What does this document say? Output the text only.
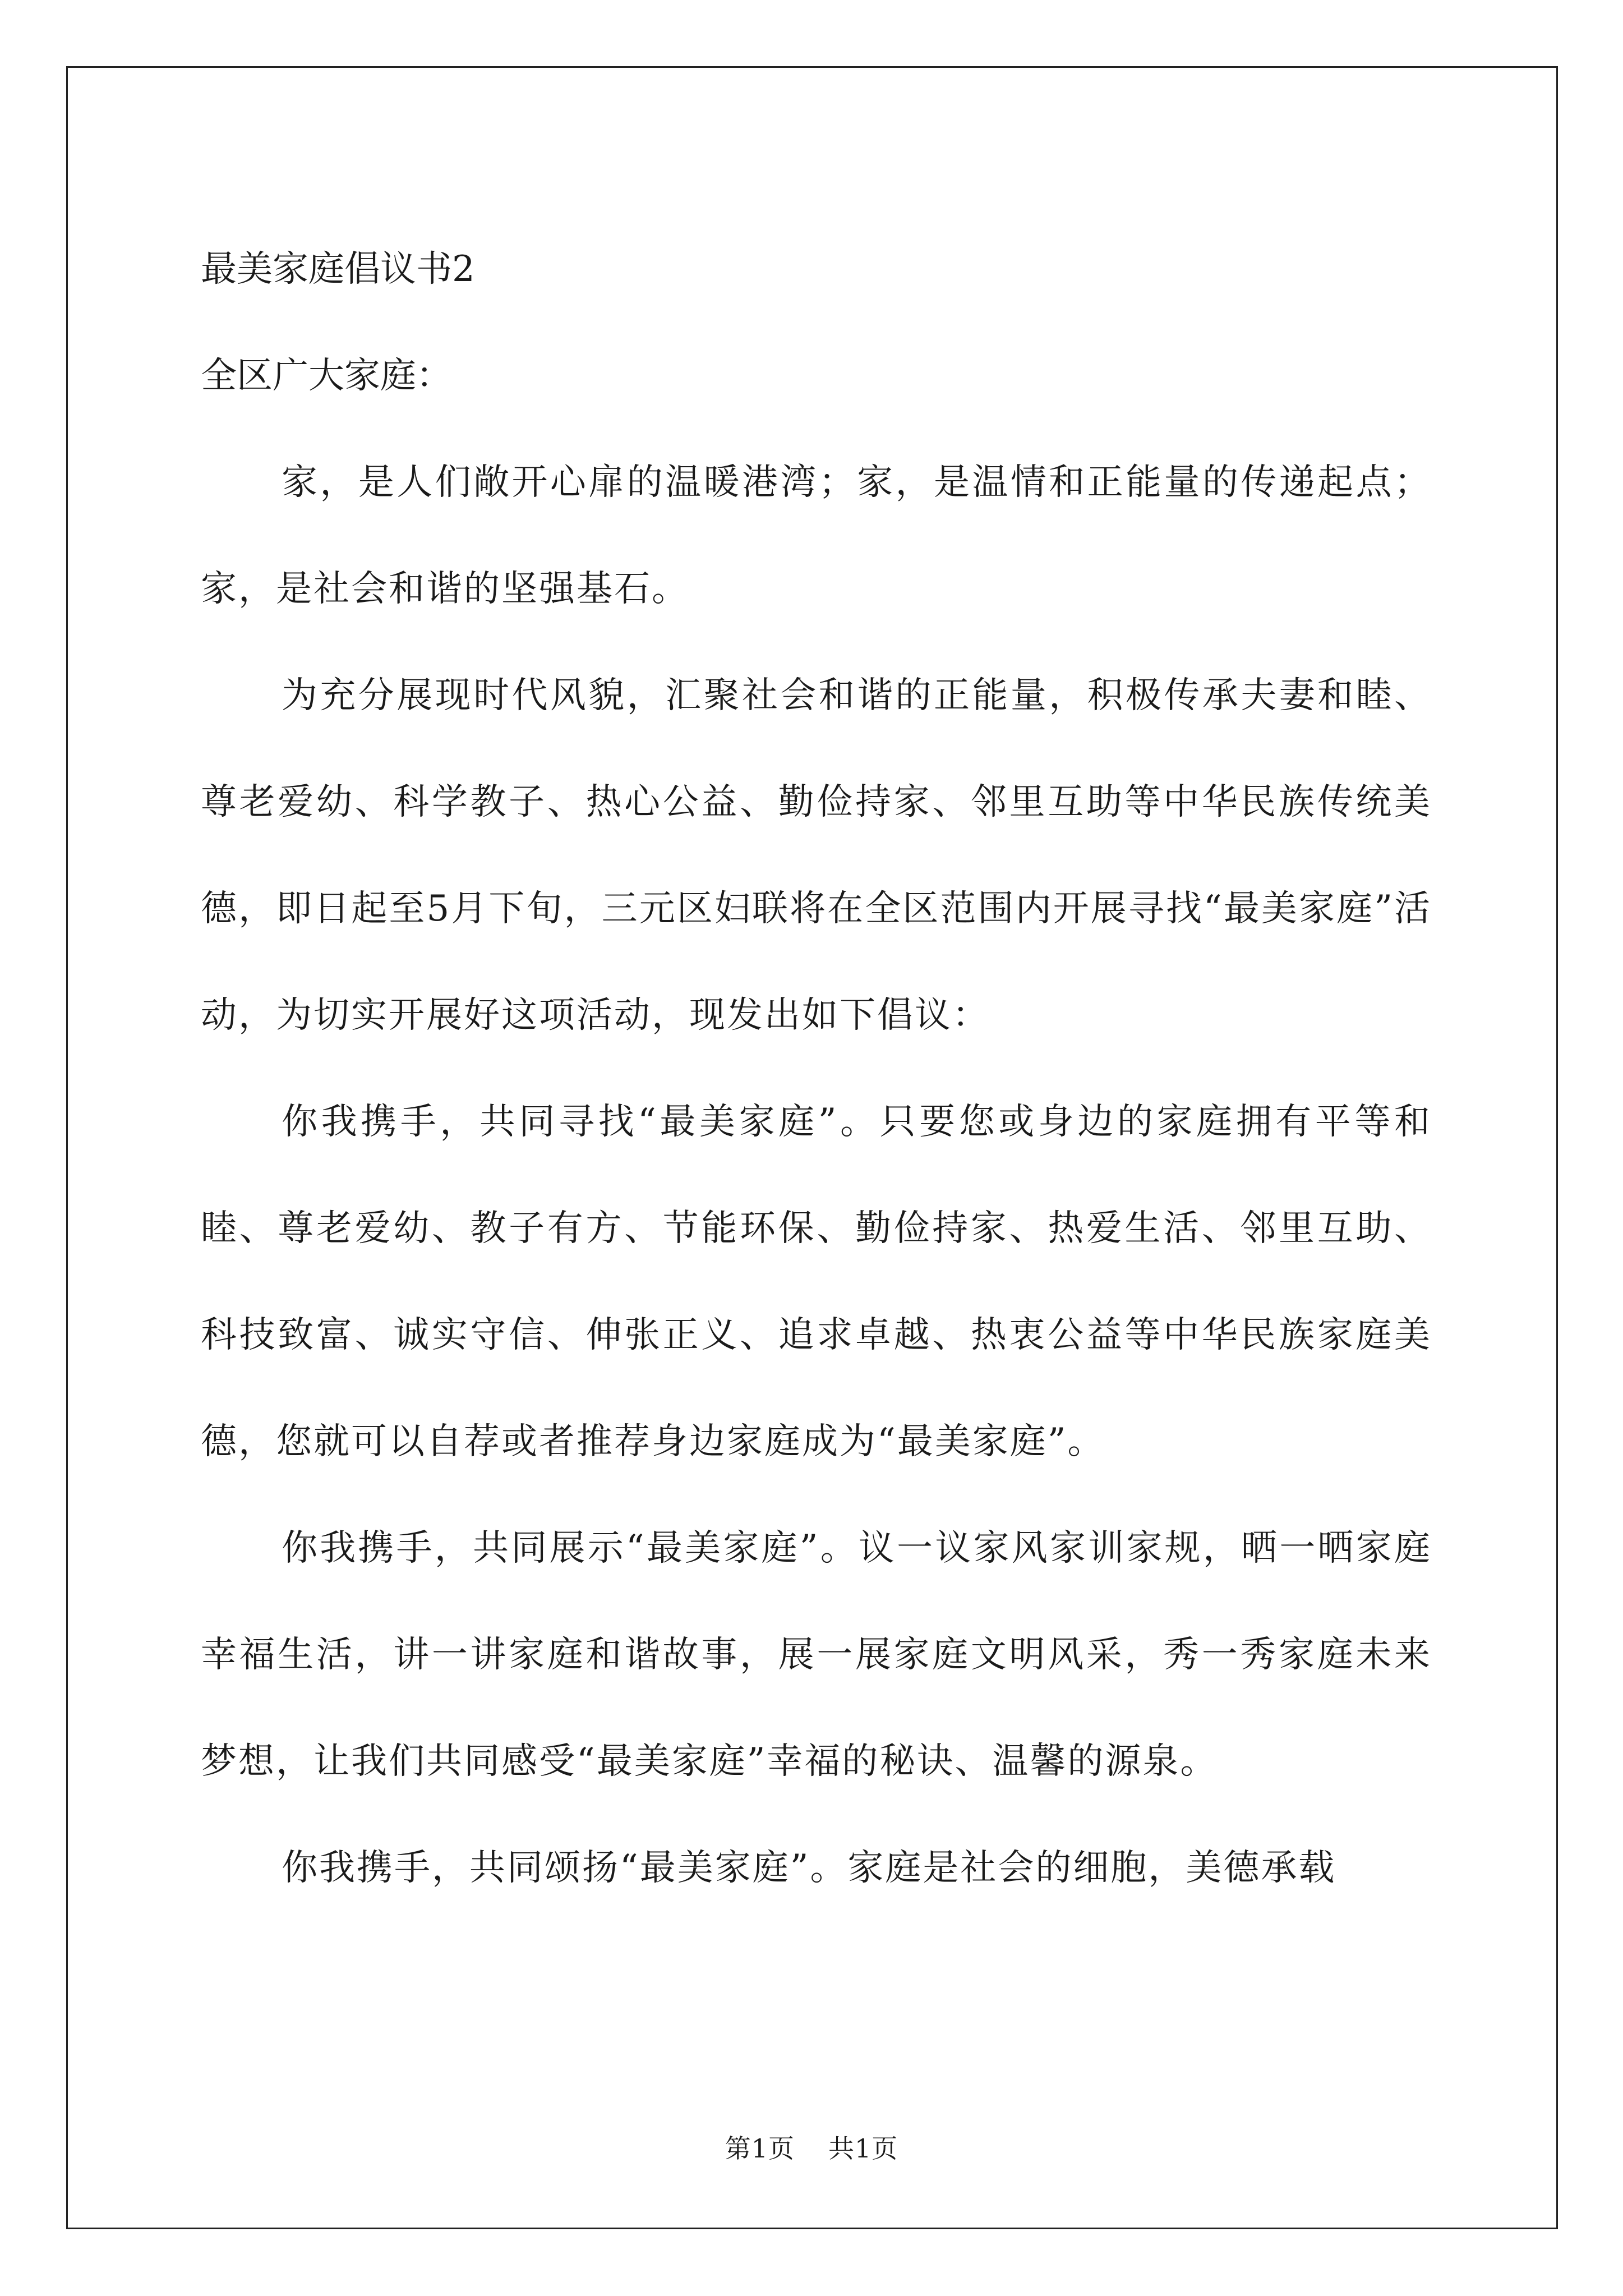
最美家庭倡议书2

全区广大家庭：

家，是人们敞开心扉的温暖港湾；家，是温情和正能量的传递起点；家，是社会和谐的坚强基石。

为充分展现时代风貌，汇聚社会和谐的正能量，积极传承夫妻和睦、尊老爱幼、科学教子、热心公益、勤俭持家、邻里互助等中华民族传统美德，即日起至5月下旬，三元区妇联将在全区范围内开展寻找“最美家庭”活动，为切实开展好这项活动，现发出如下倡议：

你我携手，共同寻找“最美家庭”。只要您或身边的家庭拥有平等和睦、尊老爱幼、教子有方、节能环保、勤俭持家、热爱生活、邻里互助、科技致富、诚实守信、伸张正义、追求卓越、热衷公益等中华民族家庭美德，您就可以自荐或者推荐身边家庭成为“最美家庭”。

你我携手，共同展示“最美家庭”。议一议家风家训家规，晒一晒家庭幸福生活，讲一讲家庭和谐故事，展一展家庭文明风采，秀一秀家庭未来梦想，让我们共同感受“最美家庭”幸福的秘诀、温馨的源泉。

你我携手，共同颂扬“最美家庭”。家庭是社会的细胞，美德承载

第1页 共1页
